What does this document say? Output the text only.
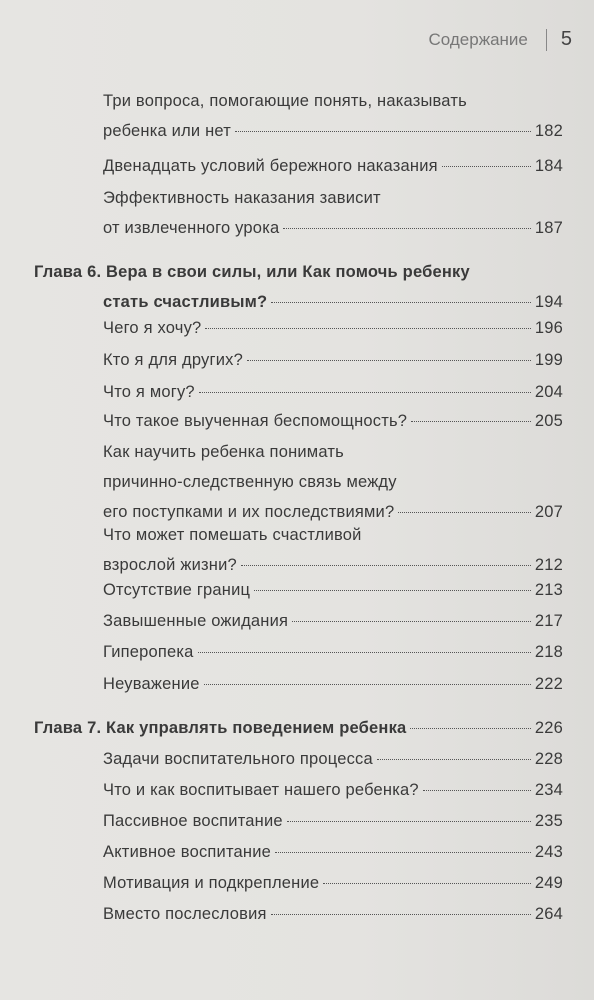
Содержание 5
Три вопроса, помогающие понять, наказывать
ребенка или нет	182
Двенадцать условий бережного наказания	184
Эффективность наказания зависит
от извлеченного урока	187
Глава 6. Вера в свои силы, или Как помочь ребенку
стать счастливым?	194
Чего я хочу?	196
Кто я для других?	199
Что я могу?	204
Что такое выученная беспомощность?	205
Как научить ребенка понимать
причинно-следственную связь между
его поступками и их последствиями?	207
Что может помешать счастливой
взрослой жизни?	212
Отсутствие границ	213
Завышенные ожидания	217
Гиперопека	218
Неуважение	222
Глава 7. Как управлять поведением ребенка	226
Задачи воспитательного процесса	228
Что и как воспитывает нашего ребенка?	234
Пассивное воспитание	235
Активное воспитание	243
Мотивация и подкрепление	249
Вместо послесловия	264
